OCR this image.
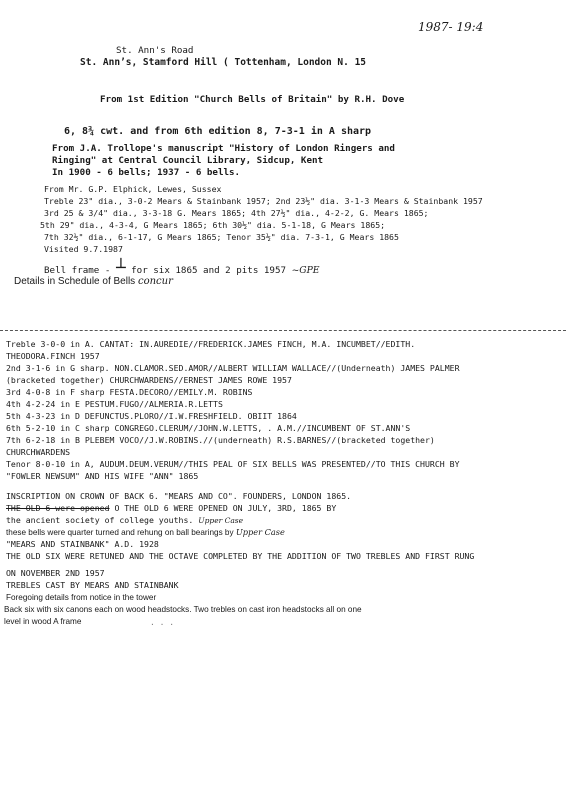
1987- 19:4
St. Ann's Road
St. Ann’s, Stamford Hill ( Tottenham, London N. 15
From 1st Edition "Church Bells of Britain" by R.H. Dove
6, 8¾ cwt. and from 6th edition 8, 7-3-1 in A sharp
From J.A. Trollope's manuscript "History of London Ringers and
Ringing" at Central Council Library, Sidcup, Kent
In 1900 - 6 bells; 1937 - 6 bells.
From Mr. G.P. Elphick, Lewes, Sussex
Treble 23" dia., 3-0-2 Mears & Stainbank 1957; 2nd 23½" dia. 3-1-3 Mears & Stainbank 1957
3rd 25 & 3/4" dia., 3-3-18 G. Mears 1865; 4th 27½" dia., 4-2-2, G. Mears 1865;
5th 29" dia., 4-3-4, G Mears 1865; 6th 30½" dia. 5-1-18, G Mears 1865;
7th 32½" dia., 6-1-17, G Mears 1865; Tenor 35½" dia. 7-3-1, G Mears 1865
Visited 9.7.1987
Bell frame - ┴ for six 1865 and 2 pits 1957 ~GPE
Details in Schedule of Bells concur
Treble 3-0-0 in A. CANTAT: IN.AUREDIE//FREDERICK.JAMES FINCH, M.A. INCUMBET//EDITH.
THEODORA.FINCH 1957
2nd 3-1-6 in G sharp. NON.CLAMOR.SED.AMOR//ALBERT WILLIAM WALLACE//(Underneath) JAMES PALMER
(bracketed together) CHURCHWARDENS//ERNEST JAMES ROWE 1957
3rd 4-0-8 in F sharp FESTA.DECORO//EMILY.M. ROBINS
4th 4-2-24 in E PESTUM.FUGO//ALMERIA.R.LETTS
5th 4-3-23 in D DEFUNCTUS.PLORO//I.W.FRESHFIELD. OBIIT 1864
6th 5-2-10 in C sharp CONGREGO.CLERUM//JOHN.W.LETTS, . A.M.//INCUMBENT OF ST.ANN'S
7th 6-2-18 in B PLEBEM VOCO//J.W.ROBINS.//(underneath) R.S.BARNES//(bracketed together)
CHURCHWARDENS
Tenor 8-0-10 in A, AUDUM.DEUM.VERUM//THIS PEAL OF SIX BELLS WAS PRESENTED//TO THIS CHURCH BY
"FOWLER NEWSUM" AND HIS WIFE "ANN" 1865
INSCRIPTION ON CROWN OF BACK 6. "MEARS AND CO". FOUNDERS, LONDON 1865.
THE OLD 6 were opened O THE OLD 6 WERE OPENED ON JULY, 3RD, 1865 BY
the ancient society of college youths. Upper Case
these bells were quarter turned and rehung on ball bearings by Upper Case
"MEARS AND STAINBANK" A.D. 1928
THE OLD SIX WERE RETUNED AND THE OCTAVE COMPLETED BY THE ADDITION OF TWO TREBLES AND FIRST RUNG
ON NOVEMBER 2ND 1957
TREBLES CAST BY MEARS AND STAINBANK
Foregoing details from notice in the tower
Back six with six canons each on wood headstocks. Two trebles on cast iron headstocks all on one
level in wood A frame	· · ·
